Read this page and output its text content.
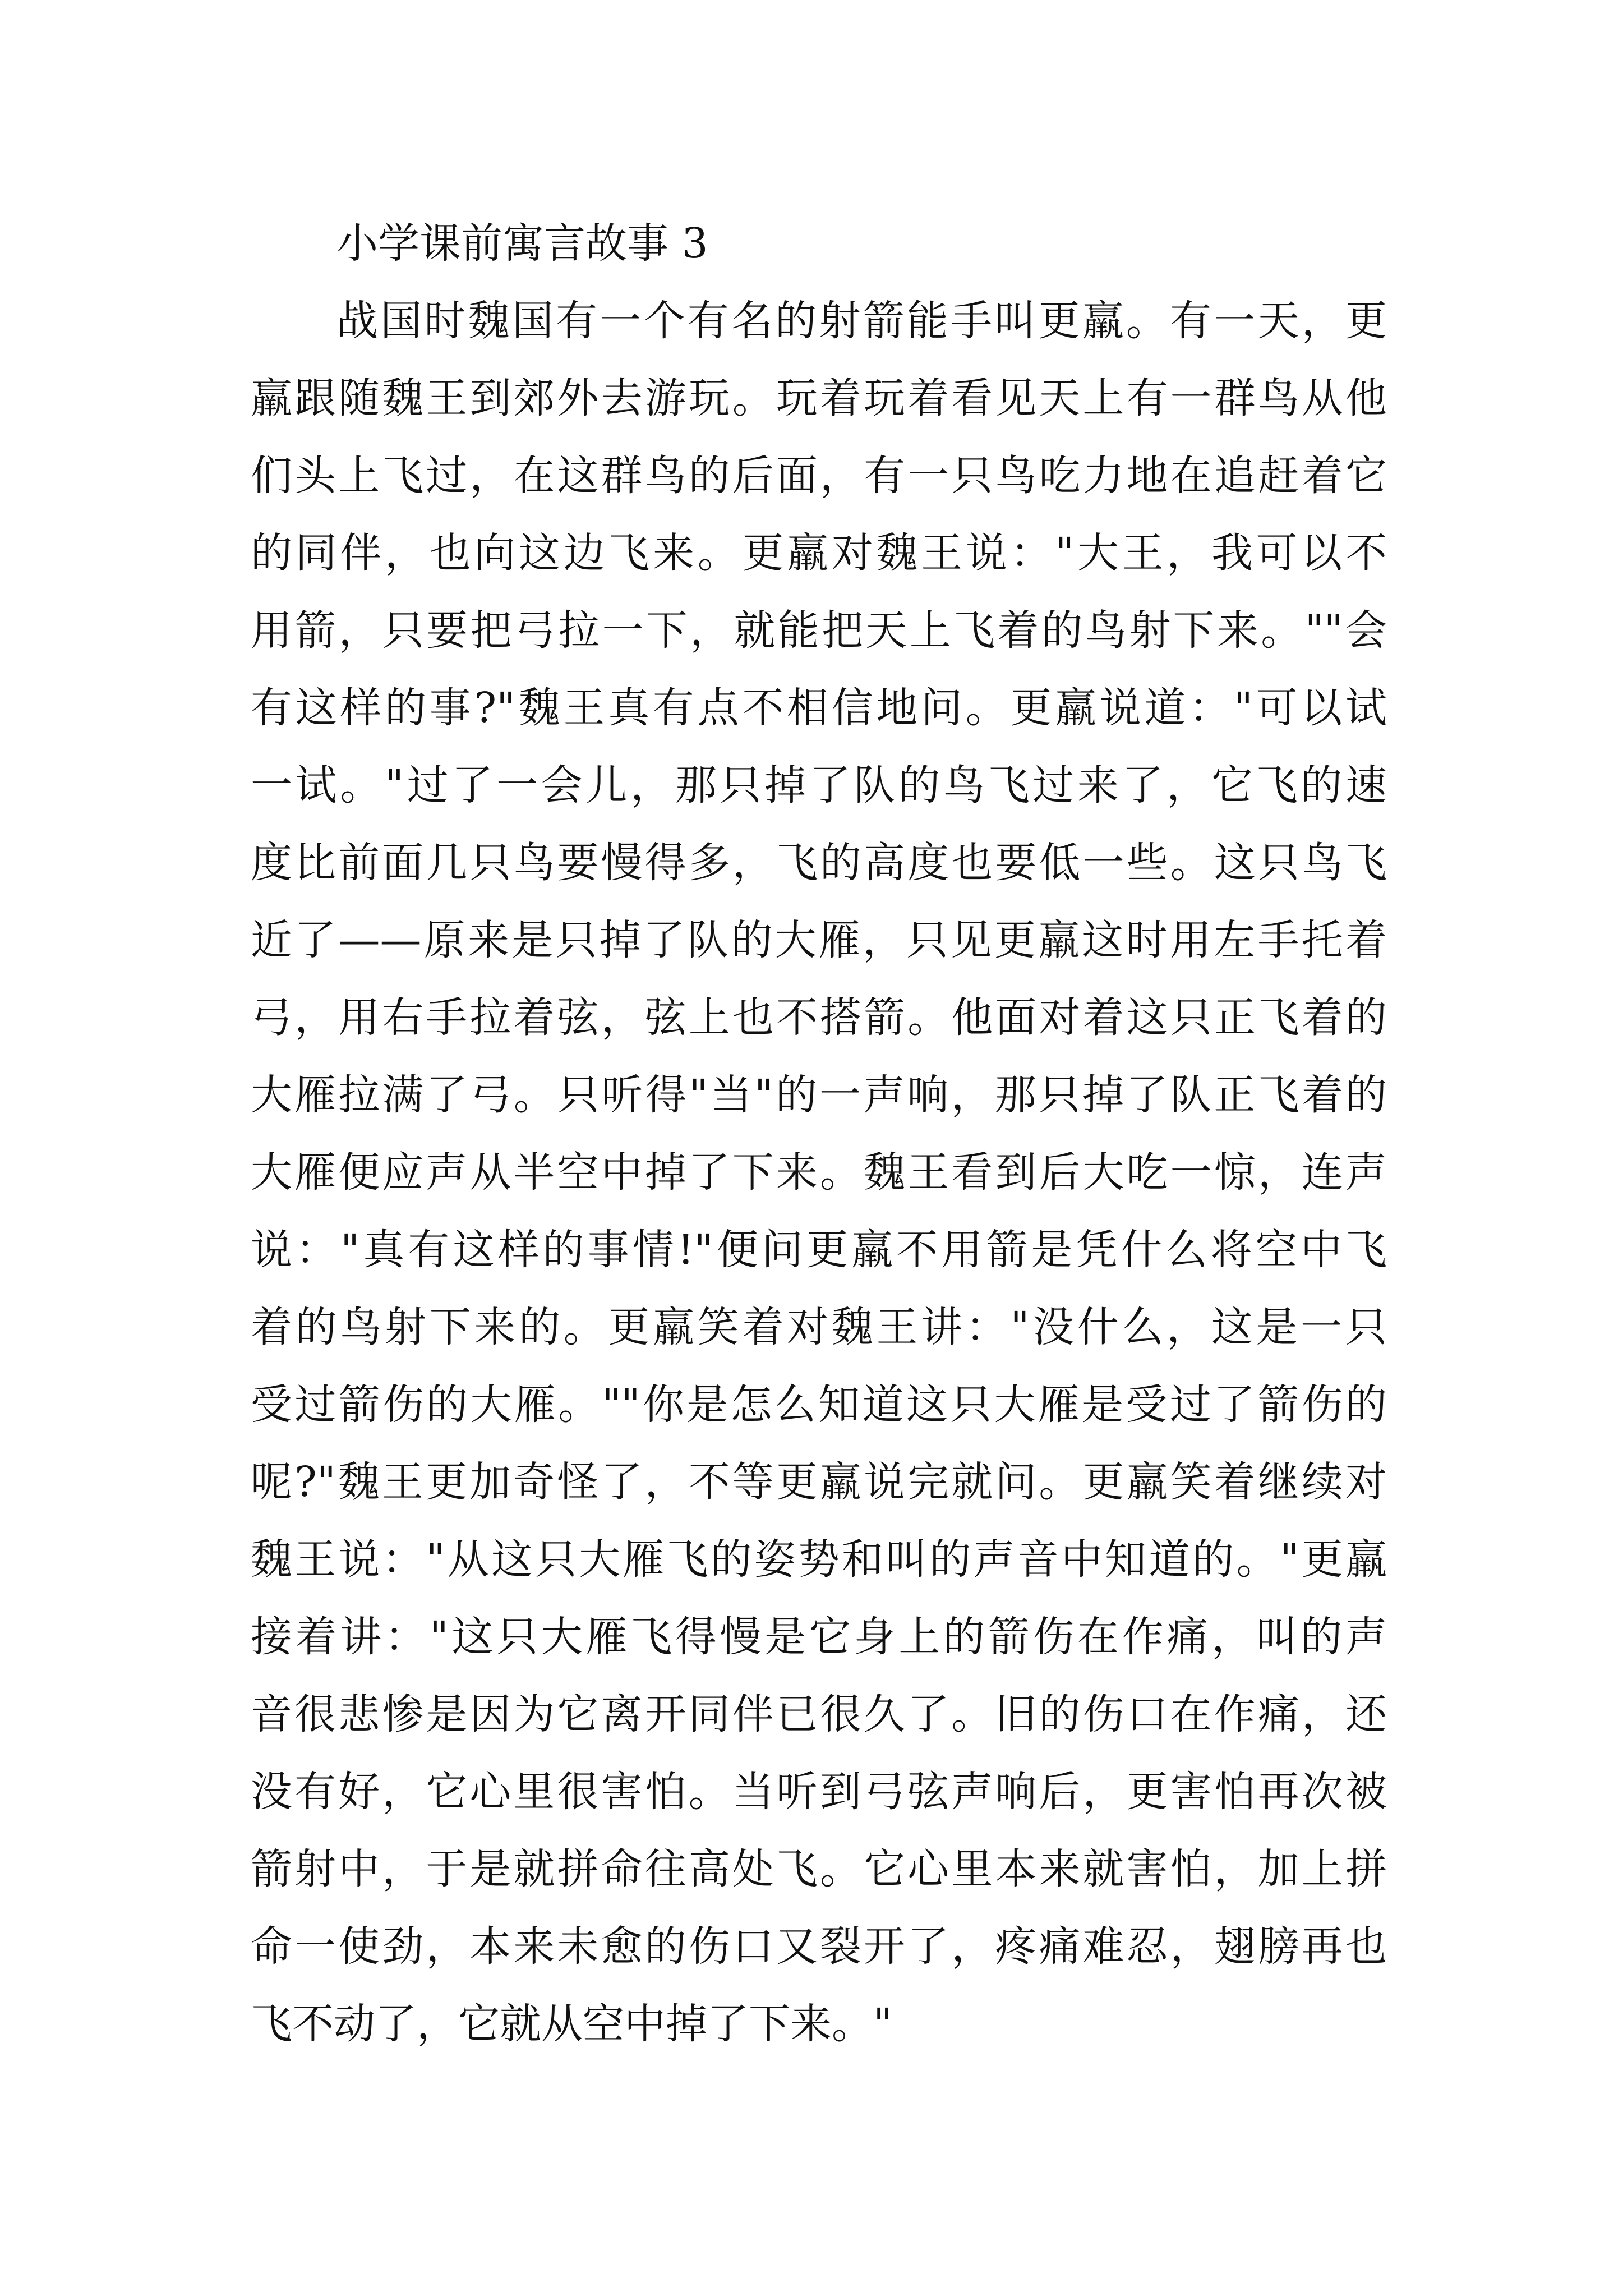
小学课前寓言故事 3
战国时魏国有一个有名的射箭能手叫更羸。有一天，更
羸跟随魏王到郊外去游玩。玩着玩着看见天上有一群鸟从他
们头上飞过，在这群鸟的后面，有一只鸟吃力地在追赶着它
的同伴，也向这边飞来。更羸对魏王说："大王，我可以不
用箭，只要把弓拉一下，就能把天上飞着的鸟射下来。""会
有这样的事?"魏王真有点不相信地问。更羸说道："可以试
一试。"过了一会儿，那只掉了队的鸟飞过来了，它飞的速
度比前面几只鸟要慢得多，飞的高度也要低一些。这只鸟飞
近了——原来是只掉了队的大雁，只见更羸这时用左手托着
弓，用右手拉着弦，弦上也不搭箭。他面对着这只正飞着的
大雁拉满了弓。只听得"当"的一声响，那只掉了队正飞着的
大雁便应声从半空中掉了下来。魏王看到后大吃一惊，连声
说："真有这样的事情!"便问更羸不用箭是凭什么将空中飞
着的鸟射下来的。更羸笑着对魏王讲："没什么，这是一只
受过箭伤的大雁。""你是怎么知道这只大雁是受过了箭伤的
呢?"魏王更加奇怪了，不等更羸说完就问。更羸笑着继续对
魏王说："从这只大雁飞的姿势和叫的声音中知道的。"更羸
接着讲："这只大雁飞得慢是它身上的箭伤在作痛，叫的声
音很悲惨是因为它离开同伴已很久了。旧的伤口在作痛，还
没有好，它心里很害怕。当听到弓弦声响后，更害怕再次被
箭射中，于是就拼命往高处飞。它心里本来就害怕，加上拼
命一使劲，本来未愈的伤口又裂开了，疼痛难忍，翅膀再也
飞不动了，它就从空中掉了下来。"
